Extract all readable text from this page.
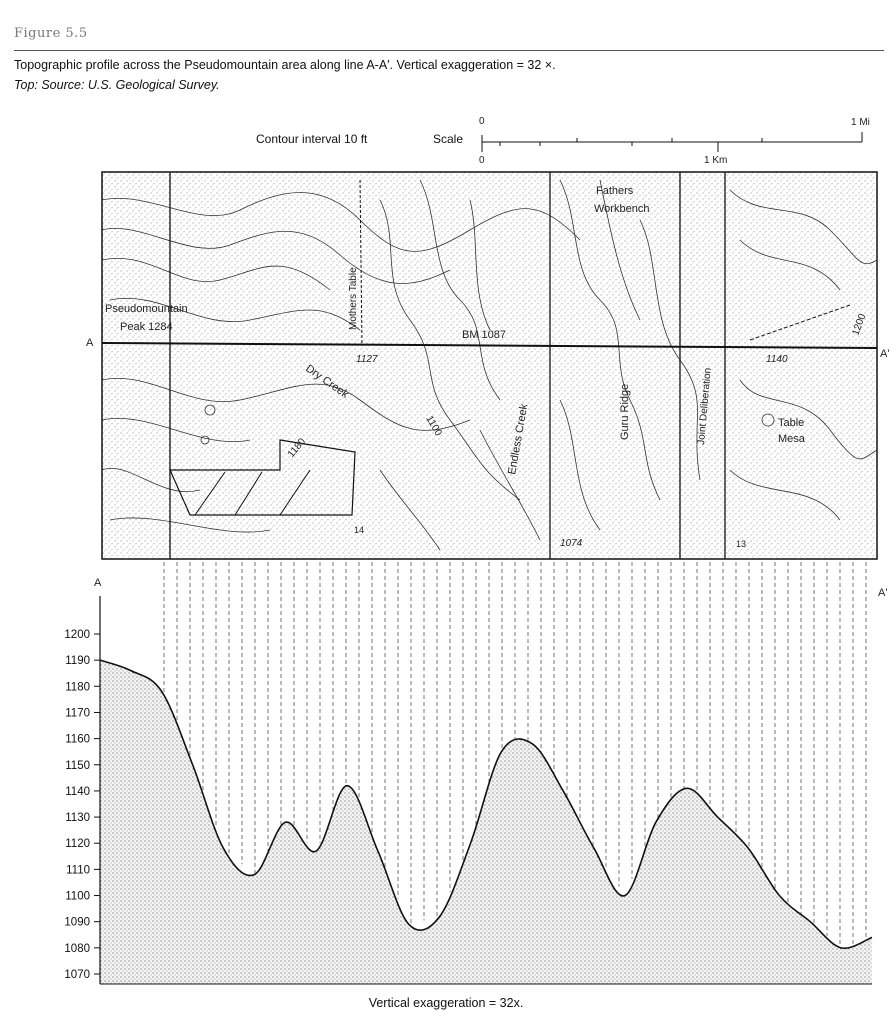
Figure 5.5
Topographic profile across the Pseudomountain area along line A-A′. Vertical exaggeration = 32 ×.
Top: Source: U.S. Geological Survey.
Contour interval 10 ft	Scale
0	1 Mi
0	1 Km
Pseudomountain
Peak 1284	Mothers Table
Fathers
Workbench
BM 1087
Dry Creek
Endless Creek	Guru Ridge	Joint Deliberation	Table
Mesa
1127	1140
1180
1100
1074
1200
14
13
A
A'
1200
1190
1180
1170
1160
1150
1140
1130
1120
1110
1100
1090
1080
1070
A
A'
Vertical exaggeration = 32x.
